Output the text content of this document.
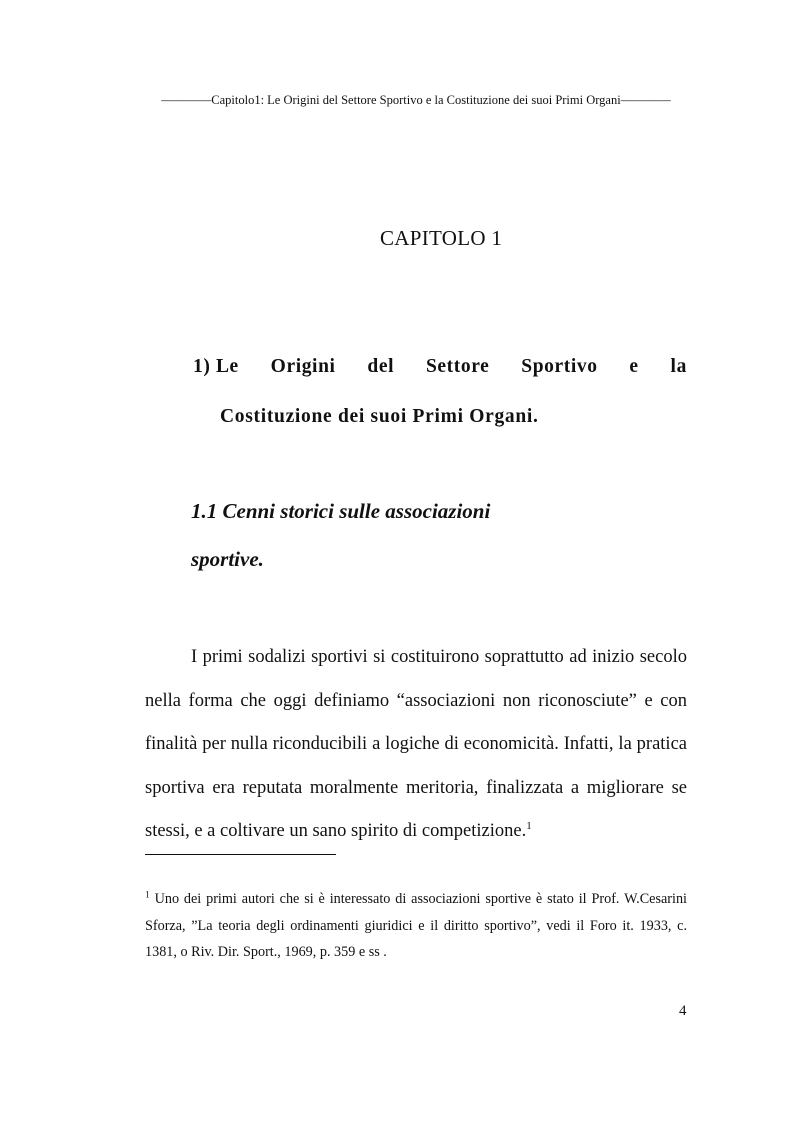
————Capitolo1: Le Origini del Settore Sportivo e la Costituzione dei suoi Primi Organi————
CAPITOLO 1
1) Le Origini del Settore Sportivo e la
Costituzione dei suoi Primi Organi.
1.1 Cenni storici sulle associazioni
sportive.

I primi sodalizi sportivi si costituirono soprattutto ad inizio secolo nella forma che oggi definiamo “associazioni non riconosciute” e con finalità per nulla riconducibili a logiche di economicità. Infatti, la pratica sportiva era reputata moralmente meritoria, finalizzata a migliorare se stessi, e a coltivare un sano spirito di competizione.$^1$

$^1$ Uno dei primi autori che si è interessato di associazioni sportive è stato il Prof. W.Cesarini Sforza, ”La teoria degli ordinamenti giuridici e il diritto sportivo”, vedi il Foro it. 1933, c. 1381, o Riv. Dir. Sport., 1969, p. 359 e ss .

4
